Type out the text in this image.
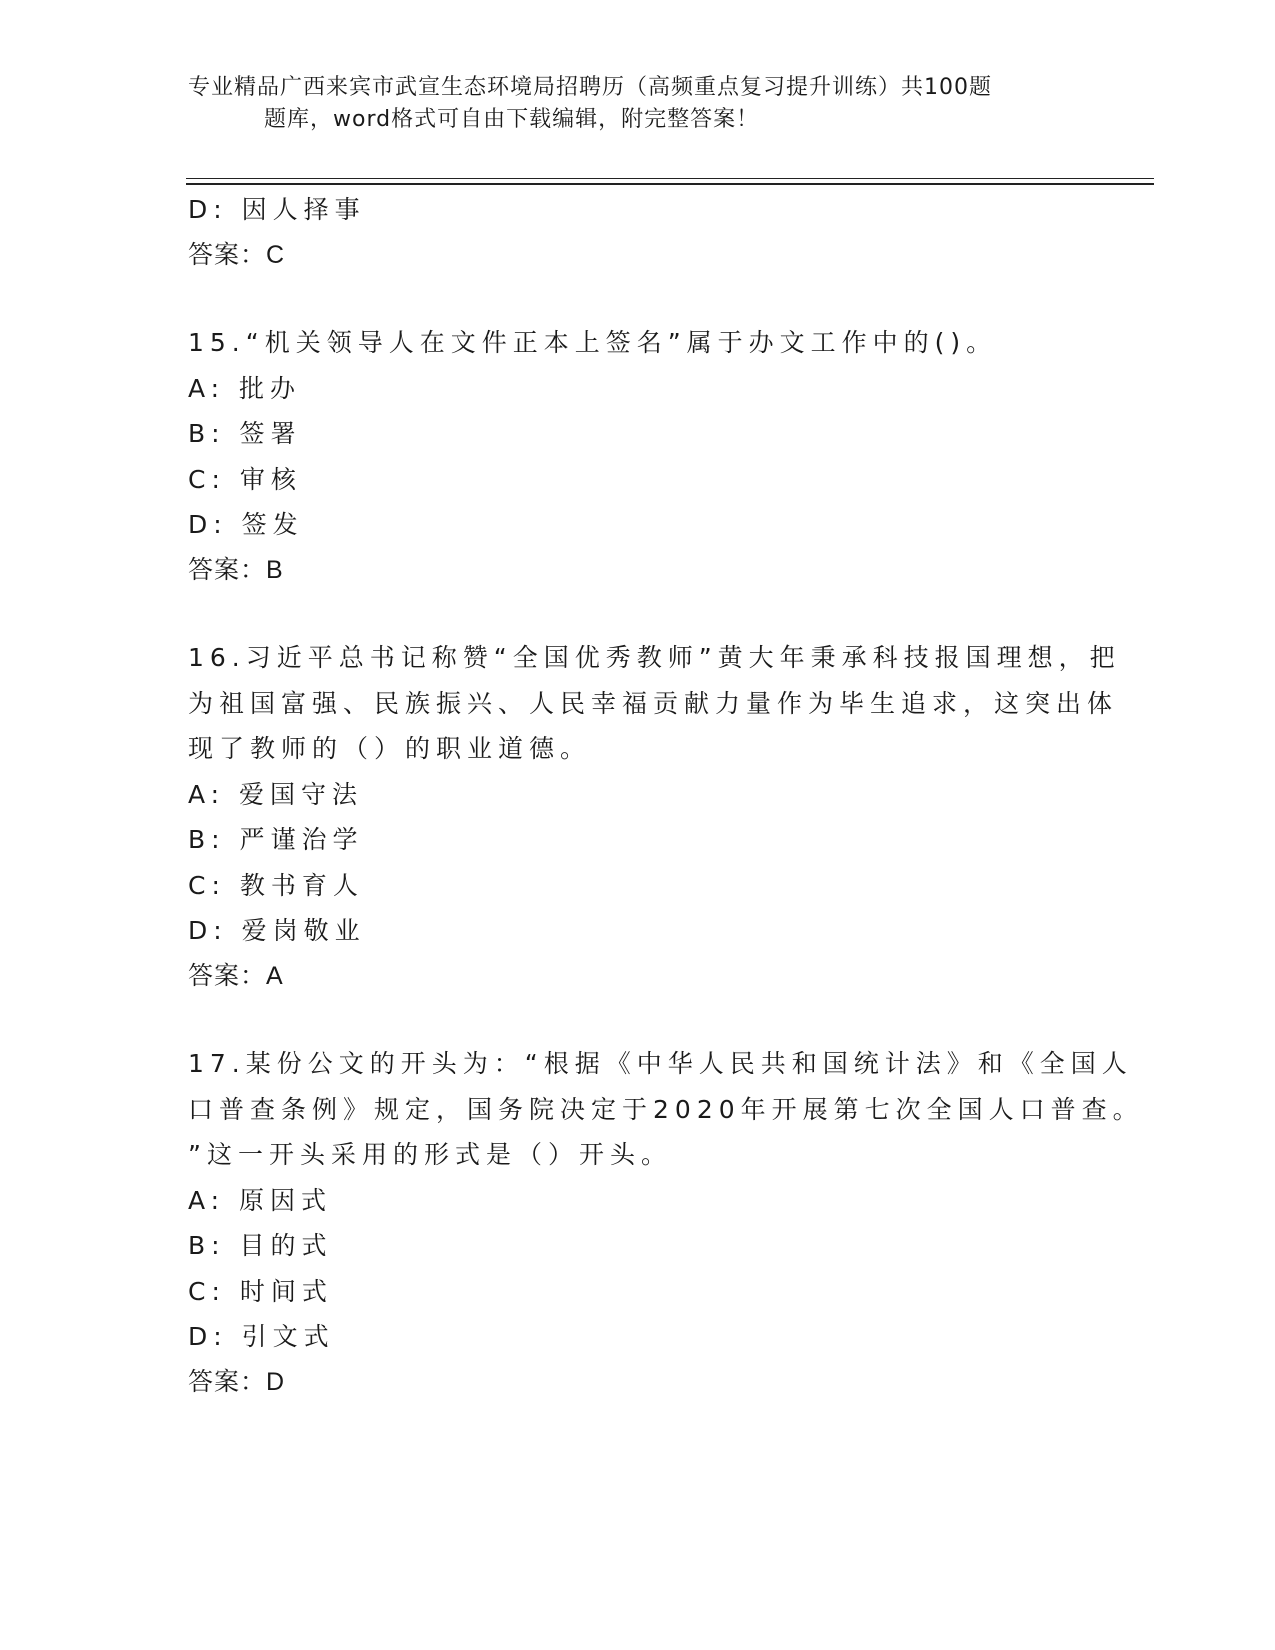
专业精品广西来宾市武宣生态环境局招聘历（高频重点复习提升训练）共100题
题库，word格式可自由下载编辑，附完整答案！
D: 因人择事
答案：C
15.“机关领导人在文件正本上签名”属于办文工作中的()。
A: 批办
B: 签署
C: 审核
D: 签发
答案：B
16.习近平总书记称赞“全国优秀教师”黄大年秉承科技报国理想，把
为祖国富强、民族振兴、人民幸福贡献力量作为毕生追求，这突出体
现了教师的（）的职业道德。
A: 爱国守法
B: 严谨治学
C: 教书育人
D: 爱岗敬业
答案：A
17.某份公文的开头为：“根据《中华人民共和国统计法》和《全国人
口普查条例》规定，国务院决定于2020年开展第七次全国人口普查。
”这一开头采用的形式是（）开头。
A: 原因式
B: 目的式
C: 时间式
D: 引文式
答案：D
